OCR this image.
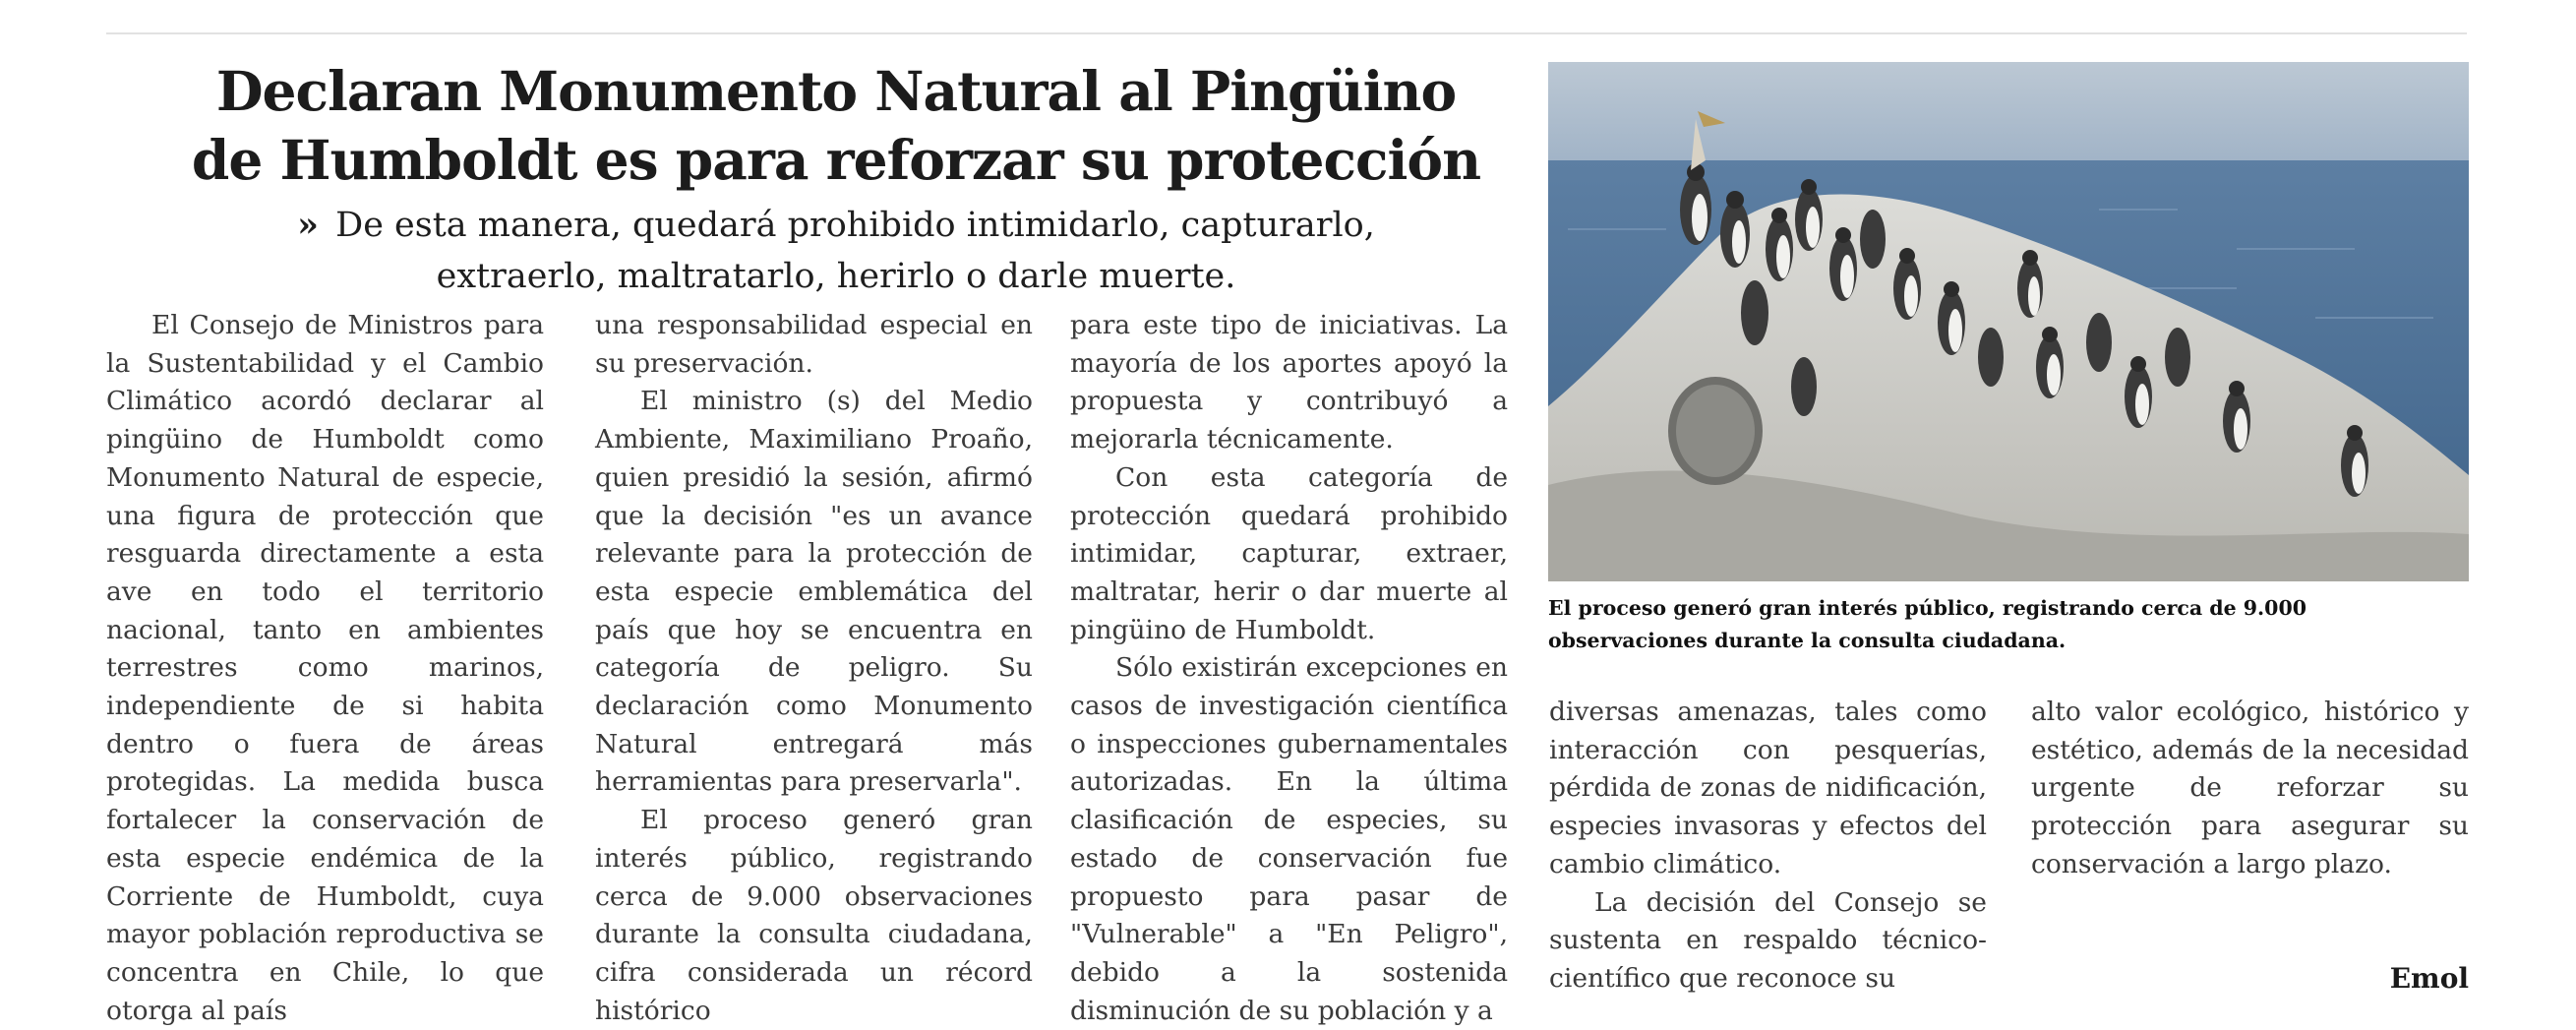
Declaran Monumento Natural al Pingüino
de Humboldt es para reforzar su protección
» De esta manera, quedará prohibido intimidarlo, capturarlo,
extraerlo, maltratarlo, herirlo o darle muerte.

El Consejo de Ministros para la Sustentabilidad y el Cambio Climático acordó declarar al pingüino de Humboldt como Monumento Natural de especie, una figura de protección que resguarda directamente a esta ave en todo el territorio nacional, tanto en ambientes terrestres como marinos, independiente de si habita dentro o fuera de áreas protegidas. La medida busca fortalecer la conservación de esta especie endémica de la Corriente de Humboldt, cuya mayor población reproductiva se concentra en Chile, lo que otorga al país

una responsabilidad especial en su preservación.

El ministro (s) del Medio Ambiente, Maximiliano Proaño, quien presidió la sesión, afirmó que la decisión "es un avance relevante para la protección de esta especie emblemática del país que hoy se encuentra en categoría de peligro. Su declaración como Monumento Natural entregará más herramientas para preservarla".

El proceso generó gran interés público, registrando cerca de 9.000 observaciones durante la consulta ciudadana, cifra considerada un récord histórico

para este tipo de iniciativas. La mayoría de los aportes apoyó la propuesta y contribuyó a mejorarla técnicamente.

Con esta categoría de protección quedará prohibido intimidar, capturar, extraer, maltratar, herir o dar muerte al pingüino de Humboldt.

Sólo existirán excepciones en casos de investigación científica o inspecciones gubernamentales autorizadas. En la última clasificación de especies, su estado de conservación fue propuesto para pasar de "Vulnerable" a "En Peligro", debido a la sostenida disminución de su población y a

El proceso generó gran interés público, registrando cerca de 9.000
observaciones durante la consulta ciudadana.

diversas amenazas, tales como interacción con pesquerías, pérdida de zonas de nidificación, especies invasoras y efectos del cambio climático.

La decisión del Consejo se sustenta en respaldo técnico-científico que reconoce su

alto valor ecológico, histórico y estético, además de la necesidad urgente de reforzar su protección para asegurar su conservación a largo plazo.

Emol
